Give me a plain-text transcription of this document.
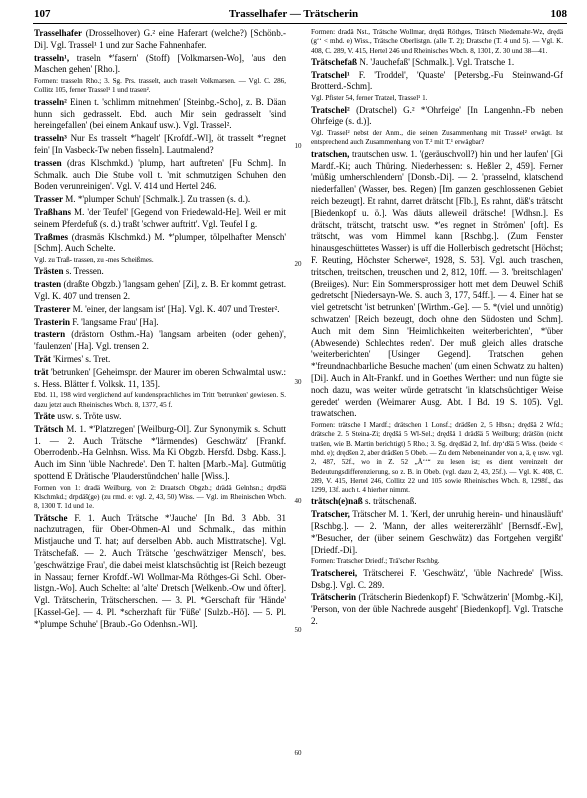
107	Trasselhafer — Trätscherin	108

Trasselhafer (Drosselhover) G.² eine Haferart (welche?) [Schönb.-Di]. Vgl. Trassel¹ 1 und zur Sache Fahnenhafer.

trasseln¹, traseln *'fasern' (Stoff) [Volkmarsen-Wo], 'aus den Maschen gehen' [Rho.].

Formen: trasseln Rho.; 3. Sg. Prs. trasselt, auch traselt Volkmarsen. — Vgl. C. 286, Collitz 105, ferner Trassel¹ 1 und trasen².

trasseln² Einen t. 'schlimm mitnehmen' [Steinbg.-Scho], z. B. Däan hunn sich gedrasselt. Ebd. auch Mir sein gedrasselt 'sind hereingefallen' (bei einem Ankauf usw.). Vgl. Trassel².

trasseln³ Nur Es trasselt *'hagelt' [Krofdf.-Wl], öt trasselt *'regnet fein' [In Vasbeck-Tw neben fisseln]. Lautmalend?

trassen (dras Klschmkd.) 'plump, hart auftreten' [Fu Schm]. In Schmalk. auch Die Stube voll t. 'mit schmutzigen Schuhen den Boden verunreinigen'. Vgl. V. 414 und Hertel 246.

Trasser M. *'plumper Schuh' [Schmalk.]. Zu trassen (s. d.).

Traßhans M. 'der Teufel' [Gegend von Friedewald-He]. Weil er mit seinem Pferdefuß (s. d.) traßt 'schwer auftritt'. Vgl. Teufel I g.

Traßmes (drasmäs Klschmkd.) M. *'plumper, tölpelhafter Mensch' [Schm]. Auch Schelte.

Vgl. zu Traß- trassen, zu -mes Scheißmes.

Trästen s. Tressen.

trasten (draßte Obgzb.) 'langsam gehen' [Zi], z. B. Er kommt getrast. Vgl. K. 407 und trensen 2.

Trasterer M. 'einer, der langsam ist' [Ha]. Vgl. K. 407 und Trester².

Trasterin F. 'langsame Frau' [Ha].

trastern (drästorn Osthm.-Ha) 'langsam arbeiten (oder gehen)', 'faulenzen' [Ha]. Vgl. trensen 2.

Trät 'Kirmes' s. Tret.

trät 'betrunken' [Geheimspr. der Maurer im oberen Schwalmtal usw.: s. Hess. Blätter f. Volksk. 11, 135].

Ebd. 11, 198 wird verglichend auf kundensprachliches im Tritt 'betrunken' gewiesen. S. dazu jetzt auch Rheinisches Wbch. 8, 1377, 45 f.

Träte usw. s. Tröte usw.

Trätsch M. 1. *'Platzregen' [Weilburg-Ol]. Zur Synonymik s. Schutt 1. — 2. Auch Trätsche *'lärmendes) Geschwätz' [Frankf. Oberrodenb.-Ha Gelnhsn. Wiss. Ma Ki Obgzb. Hersfd. Dsbg. Kass.]. Auch im Sinn 'üble Nachrede'. Den T. halten [Marb.-Ma]. Gutmütig spottend E Drätische 'Plauderstündchen' halle [Wiss.].

Formen von 1: dradä Weilburg, von 2: Draatsch Obgzb.; drädä Gelnhsn.; drpdšä Klschmkd.; drpdäš(ge) (zu rmd. e: vgl. 2, 43, 50) Wiss. — Vgl. im Rheinischen Wbch. 8, 1300 T. 1d und 1e.

Trätsche F. 1. Auch Trätsche *'Jauche' [In Bd. 3 Abb. 31 nachzutragen, für Ober-Ohmen-Al und Schmalk., das mithin Mistjauche und T. hat; auf derselben Abb. auch Misttratsche]. Vgl. Trätschefaß. — 2. Auch Trätsche 'geschwätziger Mensch', bes. 'geschwätzige Frau', die dabei meist klatschsüchtig ist [Reich bezeugt in Nassau; ferner Krofdf.-Wl Wollmar-Ma Röthges-Gi Schl. Ober-listgn.-Wo]. Auch Schelte: al 'alte' Dretsch [Welkenb.-Ow und öfter]. Vgl. Trätscherin, Trätscherschen. — 3. Pl. *Gerschaft für 'Hände' [Kassel-Ge]. — 4. Pl. *scherzhaft für 'Füße' [Sulzb.-Hö]. — 5. Pl. *'plumpe Schuhe' [Braub.-Go Odenhsn.-Wl].

Formen: dradä Nst., Trätsche Wollmar, drędä Röthges, Trätsch Niedemahr-Wz, drędä (gʻʻ < mhd. e) Wiss., Trätsche Oberlistgn. (alle T. 2); Dratsche (T. 4 und 5). — Vgl. K. 408, C. 289, V. 415, Hertel 246 und Rheinisches Wbch. 8, 1301, Z. 30 und 38—41.

Trätschefaß N. 'Jauchefaß' [Schmalk.]. Vgl. Tratsche 1.

Tratschel¹ F. 'Troddel', 'Quaste' [Petersbg.-Fu Steinwand-Gf Brotterd.-Schm].

Vgl. Pfister 54, ferner Tratzel, Trassel¹ 1.

Tratschel² (Dratschel) G.² *'Ohrfeige' [In Langenhn.-Fb neben Ohrfeige (s. d.)].

Vgl. Trassel² nebst der Anm., die seinen Zusammenhang mit Trassel² erwägt. Ist entsprechend auch Zusammenhang von T.² mit T.¹ erwägbar?

tratschen, trautschen usw. 1. '(geräuschvoll?) hin und her laufen' [Gi Mardf.-Ki; auch Thüring. Niederhessen: s. Heßler 2, 459]. Ferner 'müßig umherschlendern' [Donsb.-Di]. — 2. 'prasselnd, klatschend niederfallen' (Wasser, bes. Regen) [Im ganzen geschlossenen Gebiet reich bezeugt]. Et rahnt, darret drätscht [Flb.], Es rahnt, däß's trätscht [Biedenkopf u. ö.]. Was däuts alleweil drätsche! [Wdhsn.]. Es drätscht, trätscht, tratscht usw. *'es regnet in Strömen' [oft]. Es trätscht, was vom Himmel kann [Rschbg.]. (Zum Fenster hinausgeschüttetes Wasser) is uff die Hollerbisch gedretscht [Höchst; F. Reuting, Höchster Scherwe², 1928, S. 53]. Vgl. auch traschen, tritschen, treitschen, treuschen und 2, 812, 10ff. — 3. 'breitschlagen' (Breiiges). Nur: Ein Sommersprossiger hott met dem Deuwel Schiß gedretscht [Niedersayn-We. S. auch 3, 177, 54ff.]. — 4. Einer hat se viel getretscht 'ist betrunken' [Wirthm.-Ge]. — 5. *(viel und unnötig) schwatzen' [Reich bezeugt, doch ohne den Südosten und Schm]. Auch mit dem Sinn 'Heimlichkeiten weiterberichten', *'über (Abwesende) Schlechtes reden'. Der muß gleich alles dratsche 'weiterberichten' [Usinger Gegend]. Tratschen gehen *'freundnachbarliche Besuche machen' (um einen Schwatz zu halten) [Di]. Auch in Alt-Frankf. und in Goethes Werther: und nun fügte sie noch dazu, was weiter würde getratscht 'in klatschsüchtiger Weise geredet' werden (Weimarer Ausg. Abt. I Bd. 19 S. 105). Vgl. trawatschen.

Formen: trätsche I Mardf.; drätschen 1 Lonsf.; drädšen 2, 5 Hbsn.; drędšä 2 Wfd.; drätsche 2. 5 Steina-Zi; drędšä 5 Wl-Sel.; drędšä 1 drädšä 5 Weilburg; drätšön (nicht tratšen, wie B. Martin berichtigt) 5 Rho.; 3. Sg. drędšäd 2, Inf. drpʻdšä 5 Wiss. (beide < mhd. e); drędšen 2, aber drädšen 5 Obeb. — Zu dem Nebeneinander von a, ä, ę usw. vgl. 2, 487, 52f., wo in Z. 52 „Äʻʻ“ zu lesen ist; es dient vereinzelt der Bedeutungsdifferenzierung, so z. B. in Obeb. (vgl. dazu 2, 43, 25f.). — Vgl. K. 408, C. 289, V. 415, Hertel 246, Collitz 22 und 105 sowie Rheinisches Wbch. 8, 1298f., das 1299, 13f. auch t. 4 hierher nimmt.

trätsch(e)naß s. trätschenaß.

Tratscher, Trätscher M. 1. 'Kerl, der unruhig herein- und hinausläuft' [Rschbg.]. — 2. 'Mann, der alles weitererzählt' [Bernsdf.-Ew], *'Besucher, der (über seinem Geschwätz) das Fortgehen vergißt' [Driedf.-Di].

Formen: Tratscher Driedf.; Trä'scher Rschbg.

Tratscherei, Trätscherei F. 'Geschwätz', 'üble Nachrede' [Wiss. Dsbg.]. Vgl. C. 289.

Trätscherin (Trätscherin Biedenkopf) F. 'Schwätzerin' [Mombg.-Ki], 'Person, von der üble Nachrede ausgeht' [Biedenkopf]. Vgl. Tratsche 2.

10
20
30
40
50
60
